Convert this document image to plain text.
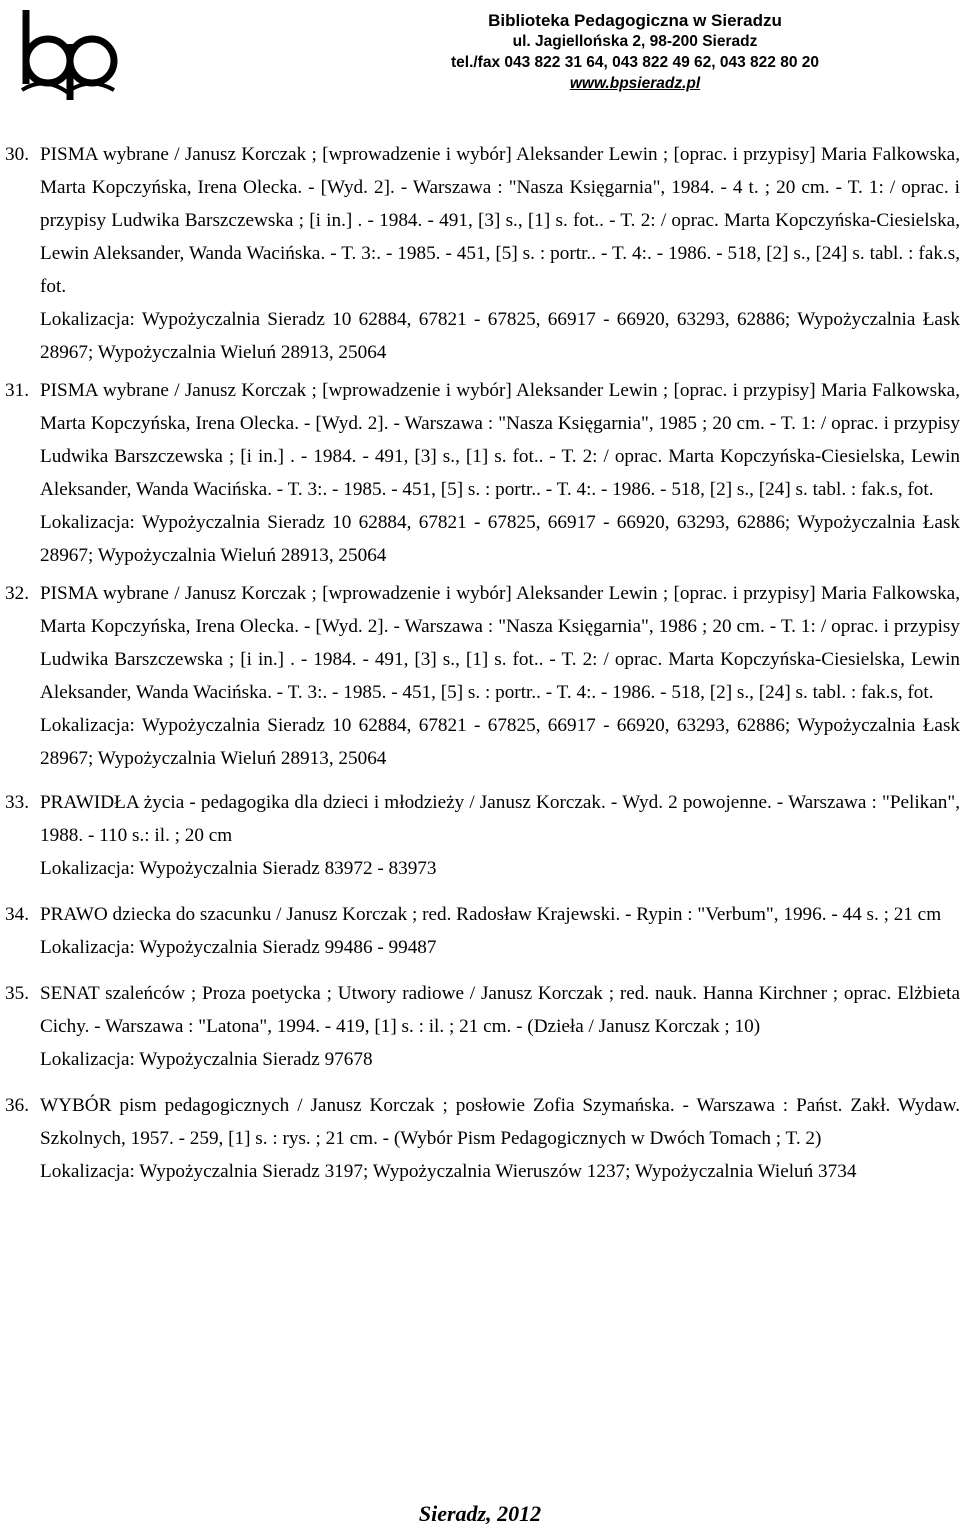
Biblioteka Pedagogiczna w Sieradzu
ul. Jagiellońska 2, 98-200 Sieradz
tel./fax 043 822 31 64, 043 822 49 62, 043 822 80 20
www.bpsieradz.pl
30. PISMA wybrane / Janusz Korczak ; [wprowadzenie i wybór] Aleksander Lewin ; [oprac. i przypisy] Maria Falkowska, Marta Kopczyńska, Irena Olecka. - [Wyd. 2]. - Warszawa : "Nasza Księgarnia", 1984. - 4 t. ; 20 cm. - T. 1: / oprac. i przypisy Ludwika Barszczewska ; [i in.] . - 1984. - 491, [3] s., [1] s. fot.. - T. 2: / oprac. Marta Kopczyńska-Ciesielska, Lewin Aleksander, Wanda Wacińska. - T. 3:. - 1985. - 451, [5] s. : portr.. - T. 4:. - 1986. - 518, [2] s., [24] s. tabl. : fak.s, fot.
Lokalizacja: Wypożyczalnia Sieradz 10 62884, 67821 - 67825, 66917 - 66920, 63293, 62886; Wypożyczalnia Łask 28967; Wypożyczalnia Wieluń 28913, 25064
31. PISMA wybrane / Janusz Korczak ; [wprowadzenie i wybór] Aleksander Lewin ; [oprac. i przypisy] Maria Falkowska, Marta Kopczyńska, Irena Olecka. - [Wyd. 2]. - Warszawa : "Nasza Księgarnia", 1985 ; 20 cm. - T. 1: / oprac. i przypisy Ludwika Barszczewska ; [i in.] . - 1984. - 491, [3] s., [1] s. fot.. - T. 2: / oprac. Marta Kopczyńska-Ciesielska, Lewin Aleksander, Wanda Wacińska. - T. 3:. - 1985. - 451, [5] s. : portr.. - T. 4:. - 1986. - 518, [2] s., [24] s. tabl. : fak.s, fot.
Lokalizacja: Wypożyczalnia Sieradz 10 62884, 67821 - 67825, 66917 - 66920, 63293, 62886; Wypożyczalnia Łask 28967; Wypożyczalnia Wieluń 28913, 25064
32. PISMA wybrane / Janusz Korczak ; [wprowadzenie i wybór] Aleksander Lewin ; [oprac. i przypisy] Maria Falkowska, Marta Kopczyńska, Irena Olecka. - [Wyd. 2]. - Warszawa : "Nasza Księgarnia", 1986 ; 20 cm. - T. 1: / oprac. i przypisy Ludwika Barszczewska ; [i in.] . - 1984. - 491, [3] s., [1] s. fot.. - T. 2: / oprac. Marta Kopczyńska-Ciesielska, Lewin Aleksander, Wanda Wacińska. - T. 3:. - 1985. - 451, [5] s. : portr.. - T. 4:. - 1986. - 518, [2] s., [24] s. tabl. : fak.s, fot.
Lokalizacja: Wypożyczalnia Sieradz 10 62884, 67821 - 67825, 66917 - 66920, 63293, 62886; Wypożyczalnia Łask 28967; Wypożyczalnia Wieluń 28913, 25064
33. PRAWIDŁA życia - pedagogika dla dzieci i młodzieży / Janusz Korczak. - Wyd. 2 powojenne. - Warszawa : "Pelikan", 1988. - 110 s.: il. ; 20 cm
Lokalizacja: Wypożyczalnia Sieradz 83972 - 83973
34. PRAWO dziecka do szacunku / Janusz Korczak ; red. Radosław Krajewski. - Rypin : "Verbum", 1996. - 44 s. ; 21 cm
Lokalizacja: Wypożyczalnia Sieradz 99486 - 99487
35. SENAT szaleńców ; Proza poetycka ; Utwory radiowe / Janusz Korczak ; red. nauk. Hanna Kirchner ; oprac. Elżbieta Cichy. - Warszawa : "Latona", 1994. - 419, [1] s. : il. ; 21 cm. - (Dzieła / Janusz Korczak ; 10)
Lokalizacja: Wypożyczalnia Sieradz 97678
36. WYBÓR pism pedagogicznych / Janusz Korczak ; posłowie Zofia Szymańska. - Warszawa : Państ. Zakł. Wydaw. Szkolnych, 1957. - 259, [1] s. : rys. ; 21 cm. - (Wybór Pism Pedagogicznych w Dwóch Tomach ; T. 2)
Lokalizacja: Wypożyczalnia Sieradz 3197; Wypożyczalnia Wieruszów 1237; Wypożyczalnia Wieluń 3734
Sieradz, 2012
